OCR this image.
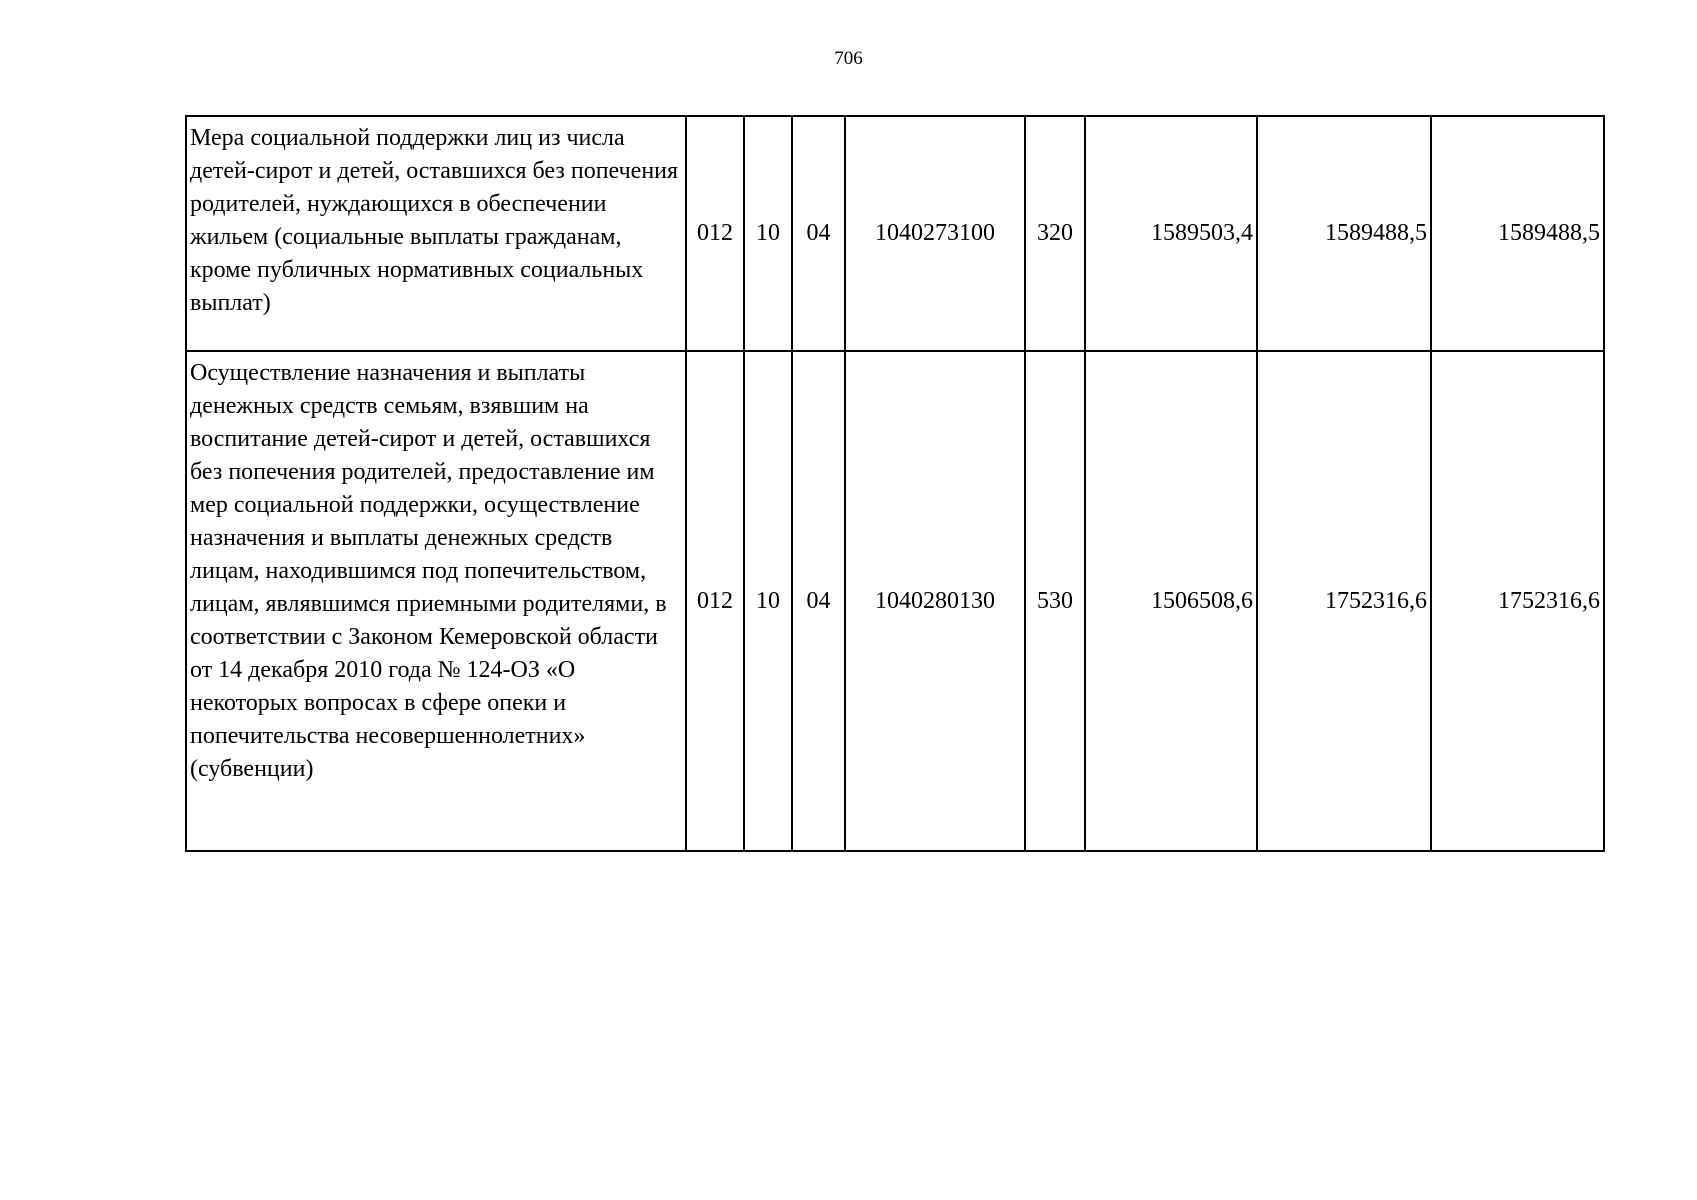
706
Мера социальной поддержки лиц из числа детей-сирот и детей, оставшихся без попечения родителей, нуждающихся в обеспечении жильем (социальные выплаты гражданам, кроме публичных нормативных социальных выплат)	012	10	04	1040273100	320	1589503,4	1589488,5	1589488,5
Осуществление назначения и выплаты денежных средств семьям, взявшим на воспитание детей-сирот и детей, оставшихся без попечения родителей, предоставление им мер социальной поддержки, осуществление назначения и выплаты денежных средств лицам, находившимся под попечительством, лицам, являвшимся приемными родителями, в соответствии с Законом Кемеровской области от 14 декабря 2010 года № 124-ОЗ «О некоторых вопросах в сфере опеки и попечительства несовершеннолетних» (субвенции)	012	10	04	1040280130	530	1506508,6	1752316,6	1752316,6
